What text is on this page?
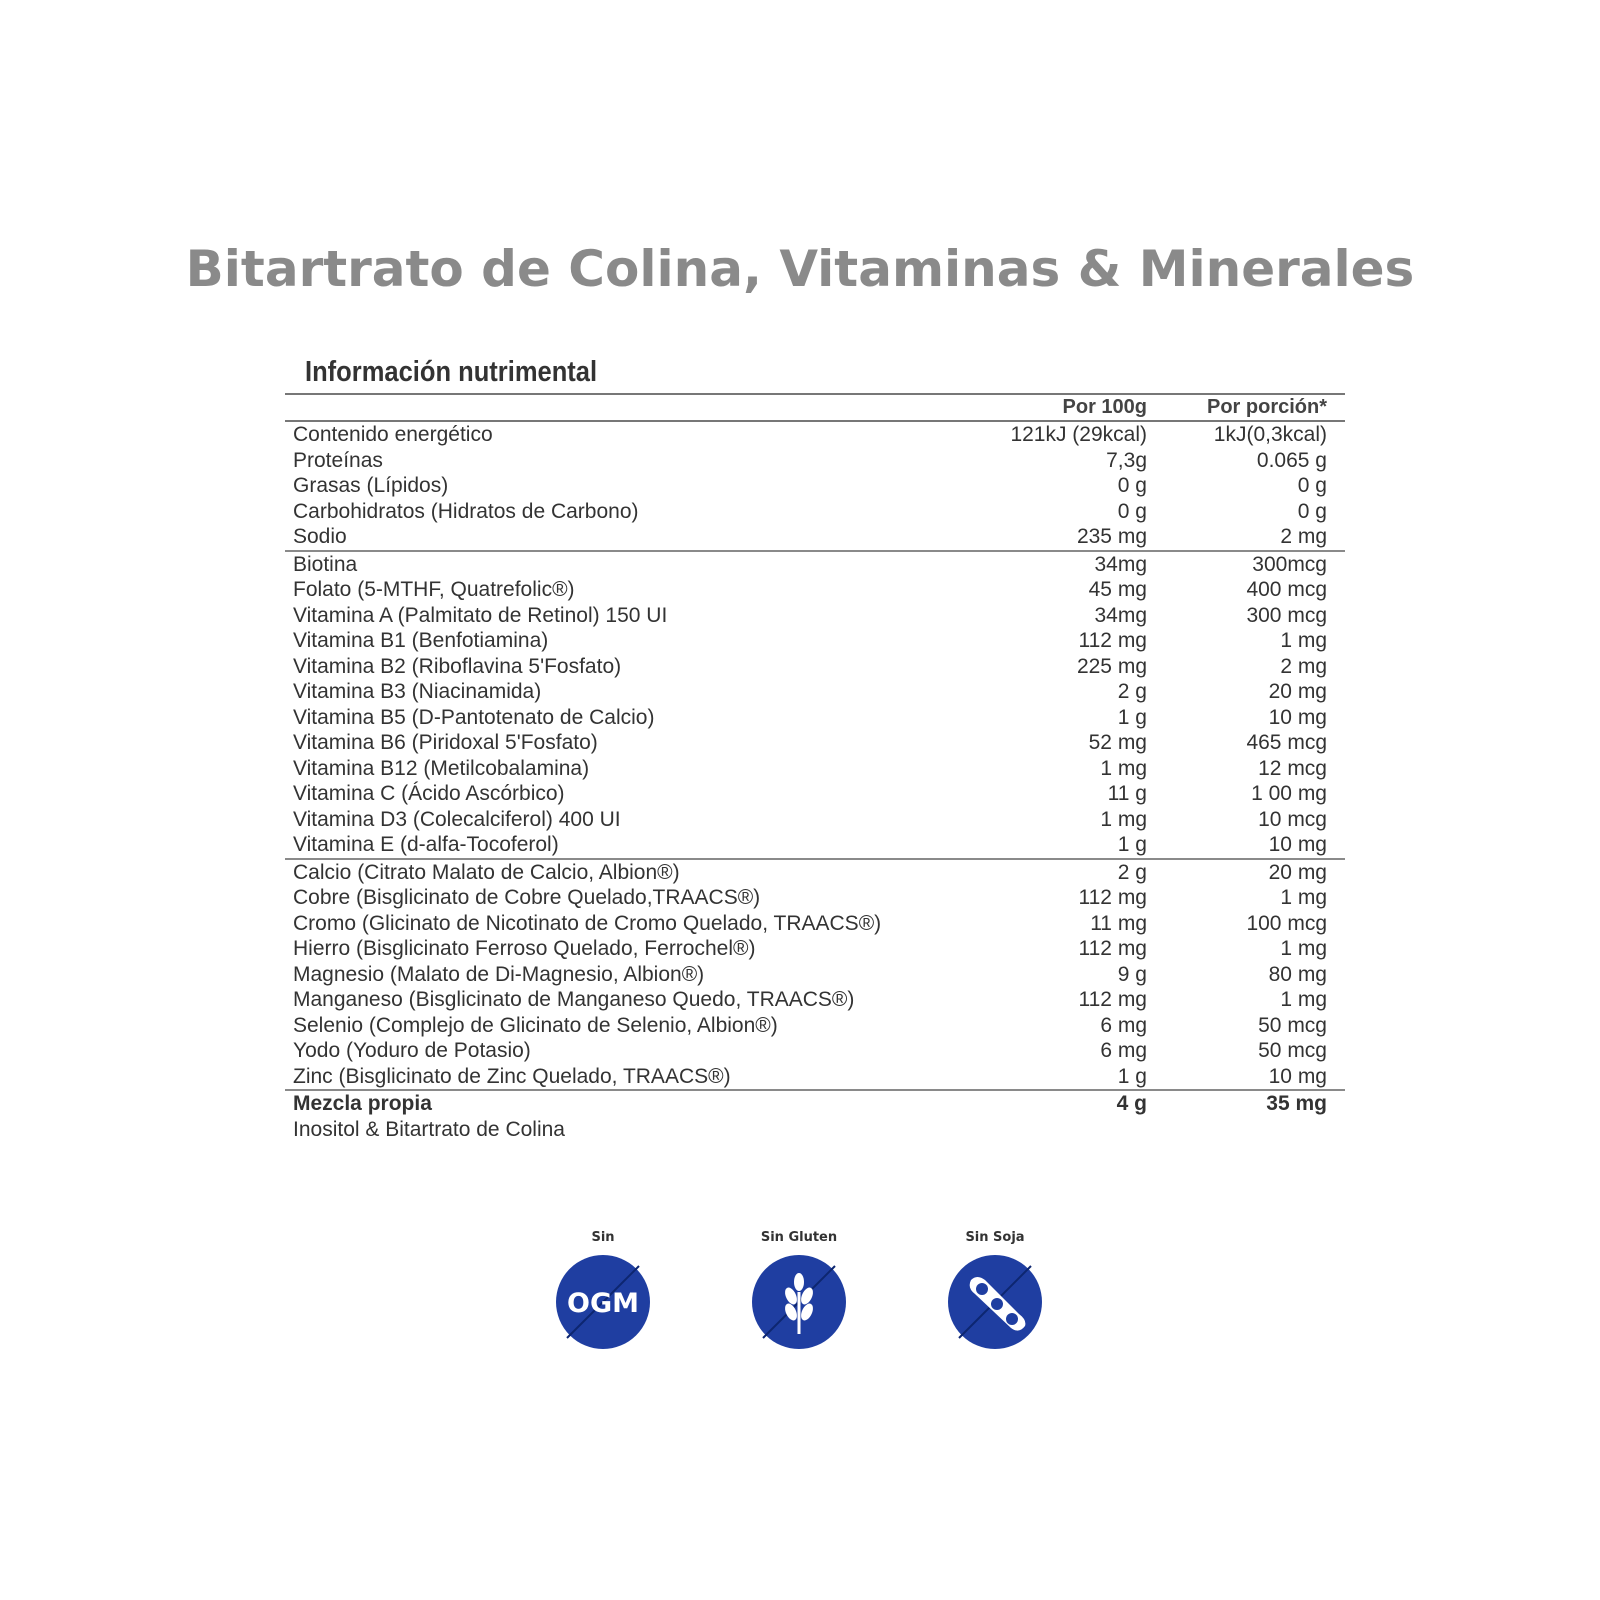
Bitartrato de Colina, Vitaminas & Minerales
Información nutrimental
Por 100g	Por porción*
Contenido energético	121kJ (29kcal)	1kJ(0,3kcal)
Proteínas	7,3g	0.065 g
Grasas (Lípidos)	0 g	0 g
Carbohidratos (Hidratos de Carbono)	0 g	0 g
Sodio	235 mg	2 mg
Biotina	34mg	300mcg
Folato (5-MTHF, Quatrefolic®)	45 mg	400 mcg
Vitamina A (Palmitato de Retinol) 150 UI	34mg	300 mcg
Vitamina B1 (Benfotiamina)	112 mg	1 mg
Vitamina B2 (Riboflavina 5'Fosfato)	225 mg	2 mg
Vitamina B3 (Niacinamida)	2 g	20 mg
Vitamina B5 (D-Pantotenato de Calcio)	1 g	10 mg
Vitamina B6 (Piridoxal 5'Fosfato)	52 mg	465 mcg
Vitamina B12 (Metilcobalamina)	1 mg	12 mcg
Vitamina C (Ácido Ascórbico)	11 g	1 00 mg
Vitamina D3 (Colecalciferol) 400 UI	1 mg	10 mcg
Vitamina E (d-alfa-Tocoferol)	1 g	10 mg
Calcio (Citrato Malato de Calcio, Albion®)	2 g	20 mg
Cobre (Bisglicinato de Cobre Quelado,TRAACS®)	112 mg	1 mg
Cromo (Glicinato de Nicotinato de Cromo Quelado, TRAACS®)	11 mg	100 mcg
Hierro (Bisglicinato Ferroso Quelado, Ferrochel®)	112 mg	1 mg
Magnesio (Malato de Di-Magnesio, Albion®)	9 g	80 mg
Manganeso (Bisglicinato de Manganeso Quedo, TRAACS®)	112 mg	1 mg
Selenio (Complejo de Glicinato de Selenio, Albion®)	6 mg	50 mcg
Yodo (Yoduro de Potasio)	6 mg	50 mcg
Zinc (Bisglicinato de Zinc Quelado, TRAACS®)	1 g	10 mg
Mezcla propia	4 g	35 mg
Inositol & Bitartrato de Colina
Sin
OGM
Sin Gluten	Sin Soja
